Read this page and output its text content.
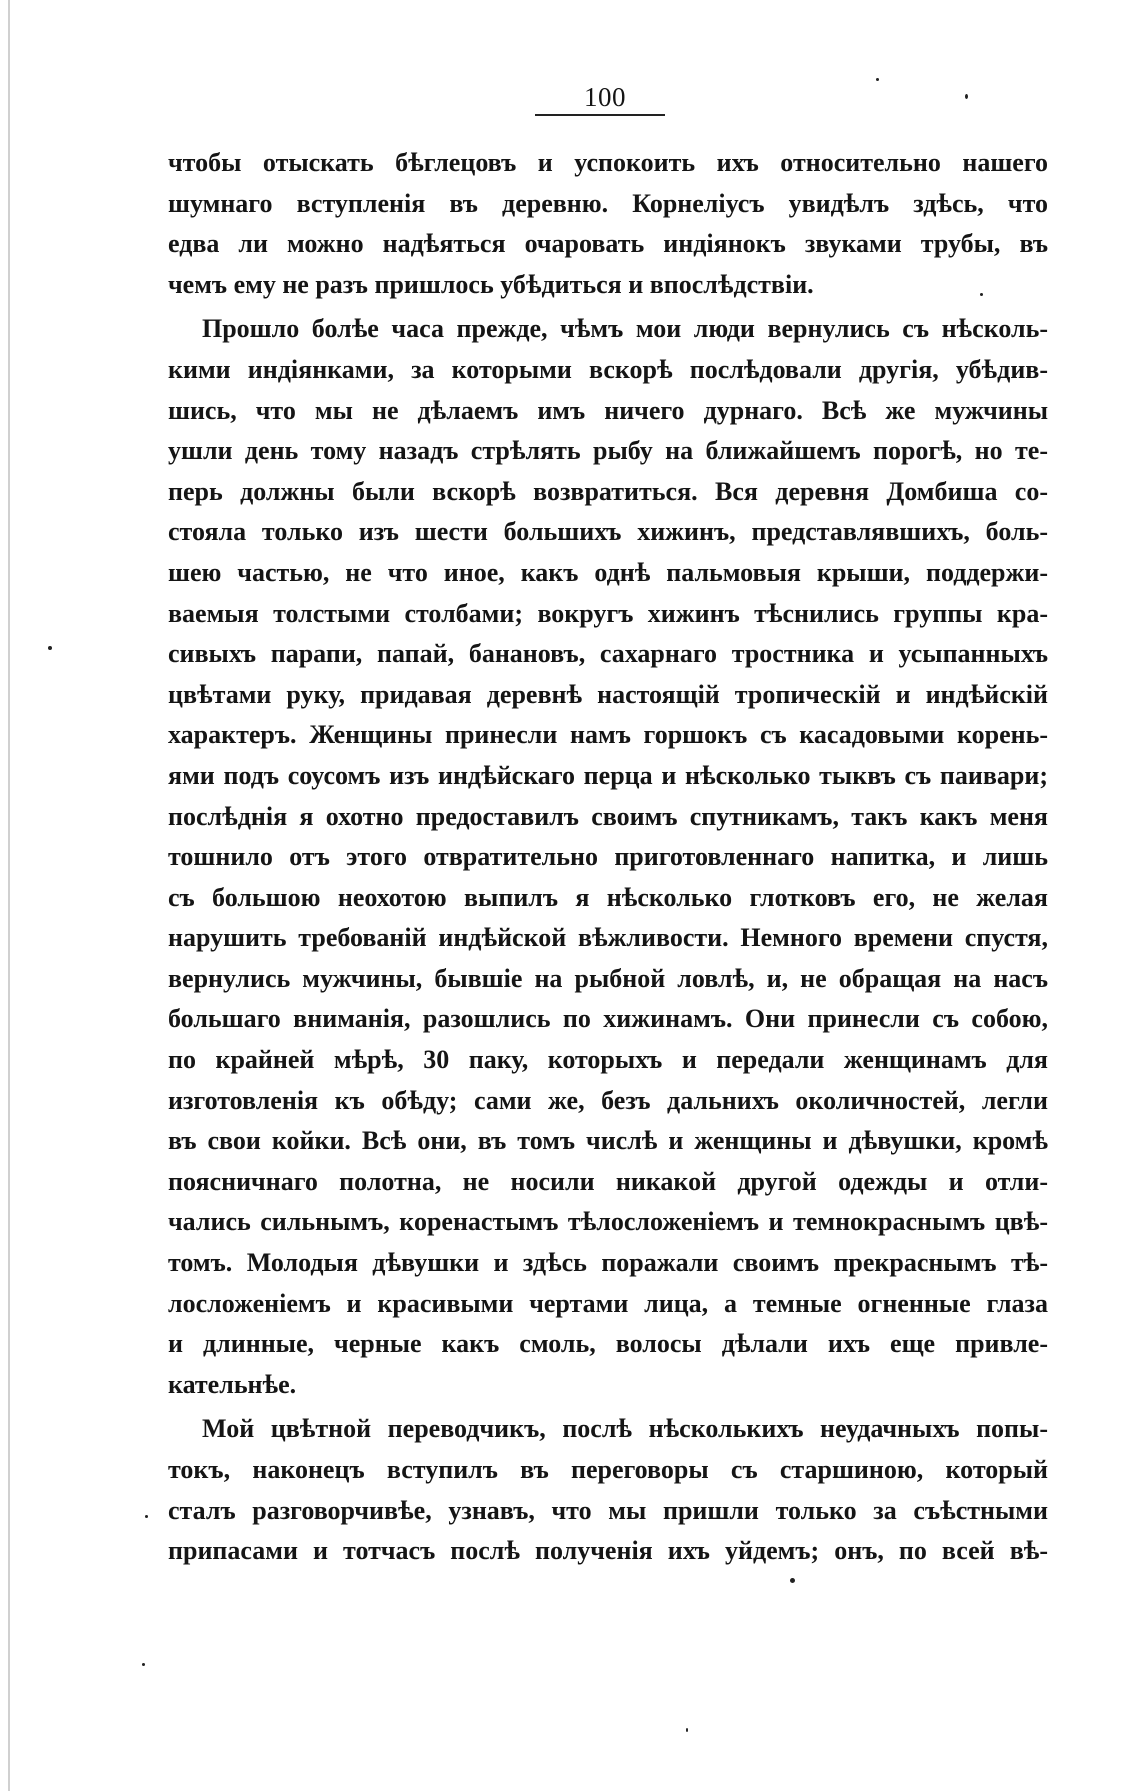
100
чтобы отыскать бѣглецовъ и успокоить ихъ относительно нашего
шумнаго вступленія въ деревню. Корнеліусъ увидѣлъ здѣсь, что
едва ли можно надѣяться очаровать индіянокъ звуками трубы, въ
чемъ ему не разъ пришлось убѣдиться и впослѣдствіи.
Прошло болѣе часа прежде, чѣмъ мои люди вернулись съ нѣсколь-
кими индіянками, за которыми вскорѣ послѣдовали другія, убѣдив-
шись, что мы не дѣлаемъ имъ ничего дурнаго. Всѣ же мужчины
ушли день тому назадъ стрѣлять рыбу на ближайшемъ порогѣ, но те-
перь должны были вскорѣ возвратиться. Вся деревня Домбиша со-
стояла только изъ шести большихъ хижинъ, представлявшихъ, боль-
шею частью, не что иное, какъ однѣ пальмовыя крыши, поддержи-
ваемыя толстыми столбами; вокругъ хижинъ тѣснились группы кра-
сивыхъ парапи, папай, банановъ, сахарнаго тростника и усыпанныхъ
цвѣтами руку, придавая деревнѣ настоящій тропическій и индѣйскій
характеръ. Женщины принесли намъ горшокъ съ касадовыми корень-
ями подъ соусомъ изъ индѣйскаго перца и нѣсколько тыквъ съ паивари;
послѣднія я охотно предоставилъ своимъ спутникамъ, такъ какъ меня
тошнило отъ этого отвратительно приготовленнаго напитка, и лишь
съ большою неохотою выпилъ я нѣсколько глотковъ его, не желая
нарушить требованій индѣйской вѣжливости. Немного времени спустя,
вернулись мужчины, бывшіе на рыбной ловлѣ, и, не обращая на насъ
большаго вниманія, разошлись по хижинамъ. Они принесли съ собою,
по крайней мѣрѣ, 30 паку, которыхъ и передали женщинамъ для
изготовленія къ обѣду; сами же, безъ дальнихъ околичностей, легли
въ свои койки. Всѣ они, въ томъ числѣ и женщины и дѣвушки, кромѣ
поясничнаго полотна, не носили никакой другой одежды и отли-
чались сильнымъ, коренастымъ тѣлосложеніемъ и темнокраснымъ цвѣ-
томъ. Молодыя дѣвушки и здѣсь поражали своимъ прекраснымъ тѣ-
лосложеніемъ и красивыми чертами лица, а темные огненные глаза
и длинные, черные какъ смоль, волосы дѣлали ихъ еще привле-
кательнѣе.
Мой цвѣтной переводчикъ, послѣ нѣсколькихъ неудачныхъ попы-
токъ, наконецъ вступилъ въ переговоры съ старшиною, который
сталъ разговорчивѣе, узнавъ, что мы пришли только за съѣстными
припасами и тотчасъ послѣ полученія ихъ уйдемъ; онъ, по всей вѣ-
